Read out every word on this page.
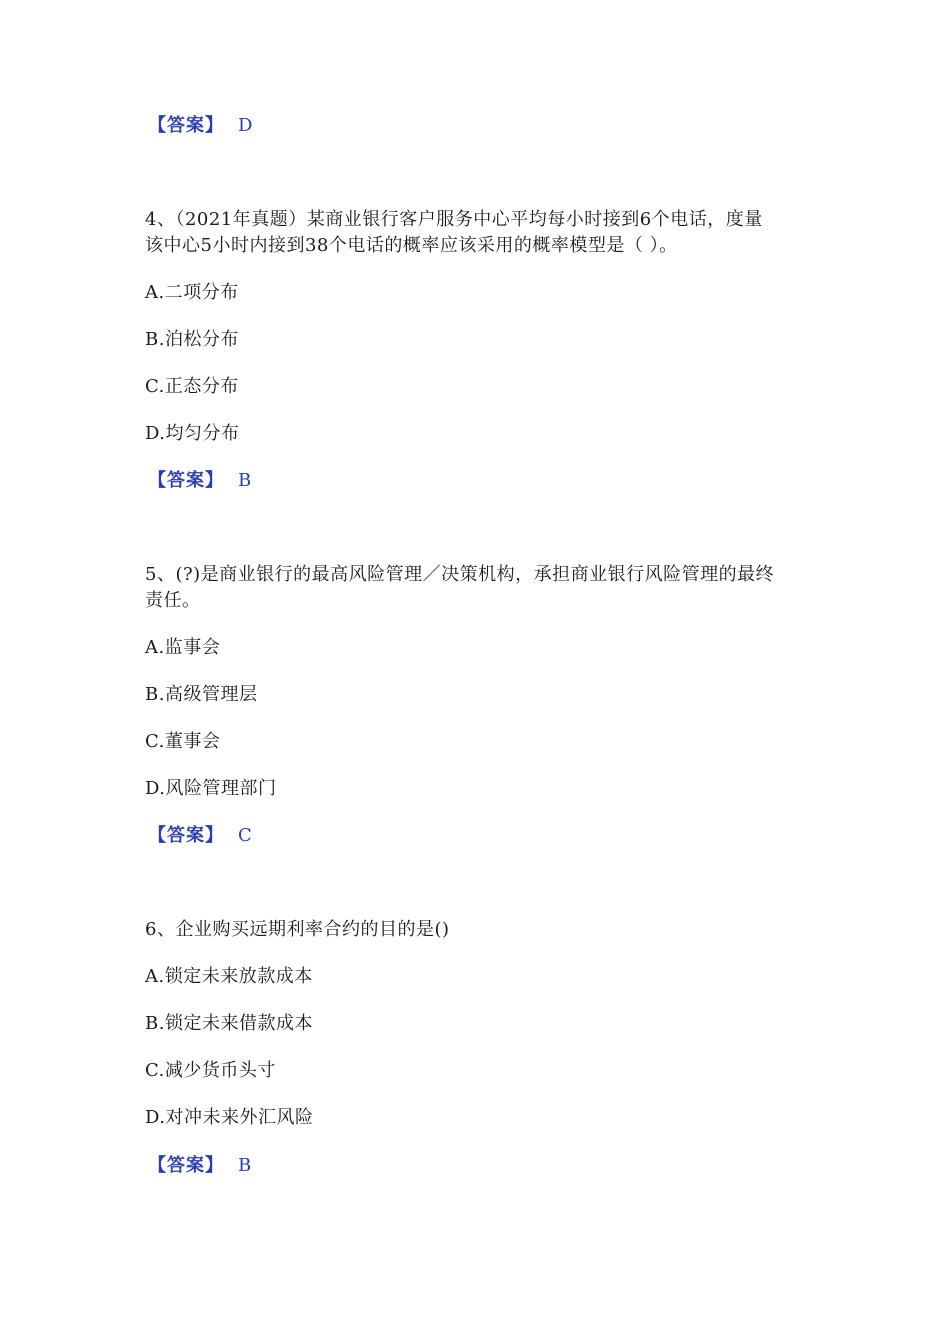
【答案】 D
4、（2021年真题）某商业银行客户服务中心平均每小时接到6个电话，度量
该中心5小时内接到38个电话的概率应该采用的概率模型是（ ）。
A.二项分布
B.泊松分布
C.正态分布
D.均匀分布
【答案】 B
5、(?)是商业银行的最高风险管理／决策机构，承担商业银行风险管理的最终
责任。
A.监事会
B.高级管理层
C.董事会
D.风险管理部门
【答案】 C
6、企业购买远期利率合约的目的是()
A.锁定未来放款成本
B.锁定未来借款成本
C.减少货币头寸
D.对冲未来外汇风险
【答案】 B
